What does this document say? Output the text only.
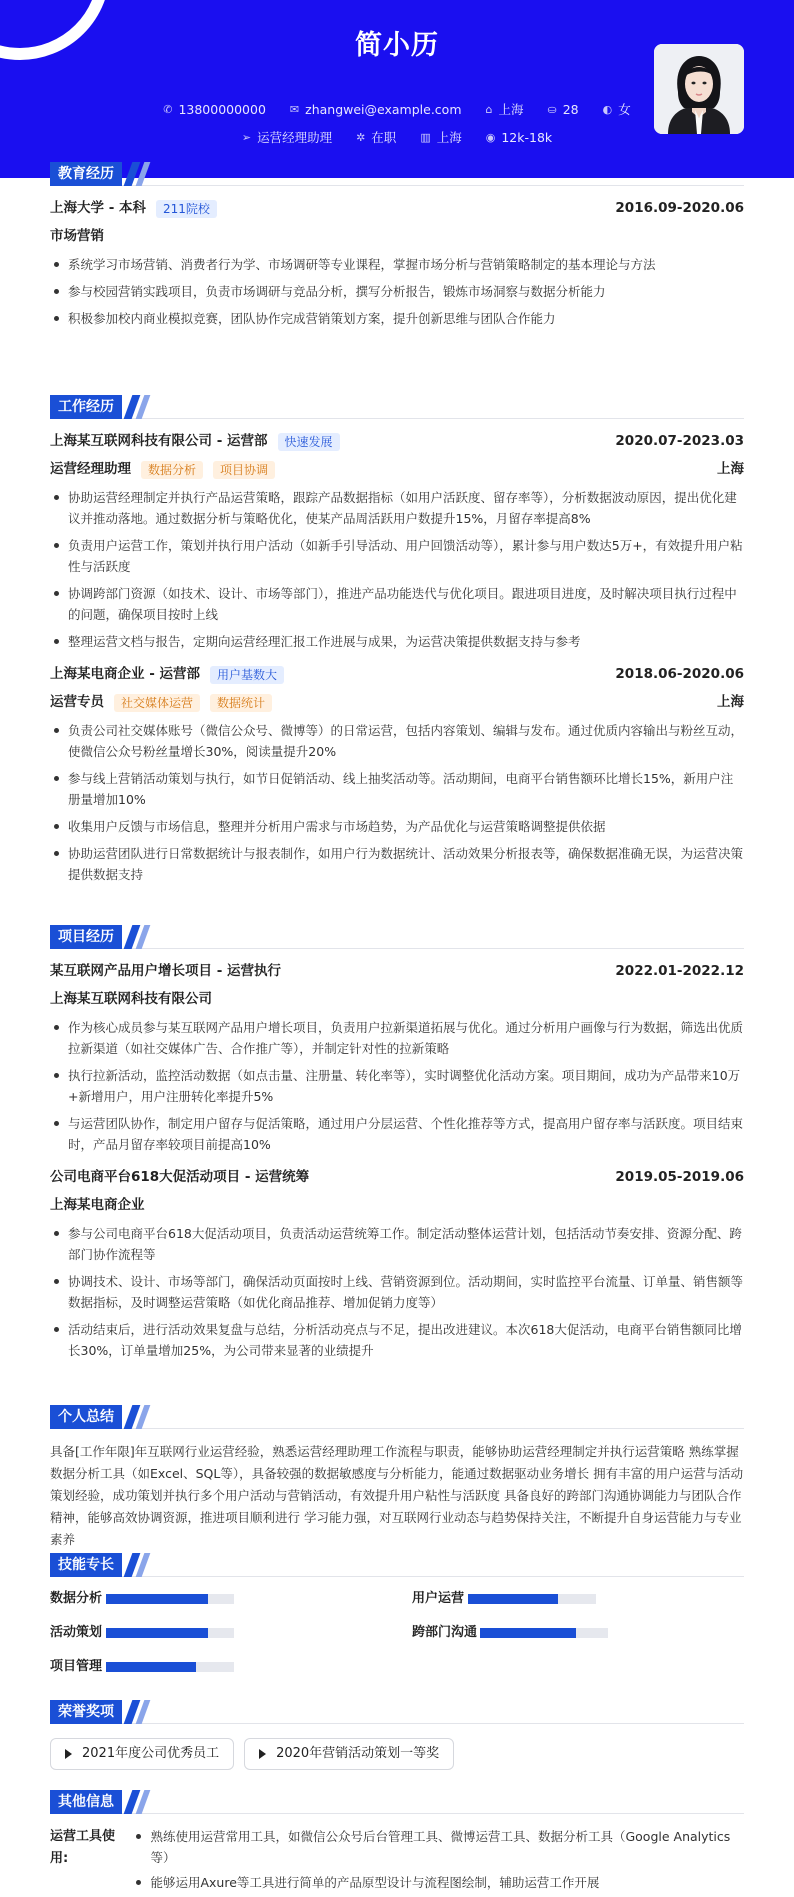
简小历
✆ 13800000000 ✉ zhangwei@example.com ⌂ 上海 ⛀ 28 ◐ 女
➢ 运营经理助理 ✲ 在职 ▥ 上海 ◉ 12k-18k
教育经历
上海大学 - 本科	211院校	2016.09-2020.06
市场营销
系统学习市场营销、消费者行为学、市场调研等专业课程，掌握市场分析与营销策略制定的基本理论与方法
参与校园营销实践项目，负责市场调研与竞品分析，撰写分析报告，锻炼市场洞察与数据分析能力
积极参加校内商业模拟竞赛，团队协作完成营销策划方案，提升创新思维与团队合作能力
工作经历
上海某互联网科技有限公司 - 运营部	快速发展	2020.07-2023.03
运营经理助理	数据分析	项目协调	上海
协助运营经理制定并执行产品运营策略，跟踪产品数据指标（如用户活跃度、留存率等），分析数据波动原因，提出优化建议并推动落地。通过数据分析与策略优化，使某产品周活跃用户数提升15%，月留存率提高8%
负责用户运营工作，策划并执行用户活动（如新手引导活动、用户回馈活动等），累计参与用户数达5万+，有效提升用户粘性与活跃度
协调跨部门资源（如技术、设计、市场等部门），推进产品功能迭代与优化项目。跟进项目进度，及时解决项目执行过程中的问题，确保项目按时上线
整理运营文档与报告，定期向运营经理汇报工作进展与成果，为运营决策提供数据支持与参考
上海某电商企业 - 运营部	用户基数大	2018.06-2020.06
运营专员	社交媒体运营	数据统计	上海
负责公司社交媒体账号（微信公众号、微博等）的日常运营，包括内容策划、编辑与发布。通过优质内容输出与粉丝互动，使微信公众号粉丝量增长30%，阅读量提升20%
参与线上营销活动策划与执行，如节日促销活动、线上抽奖活动等。活动期间，电商平台销售额环比增长15%，新用户注册量增加10%
收集用户反馈与市场信息，整理并分析用户需求与市场趋势，为产品优化与运营策略调整提供依据
协助运营团队进行日常数据统计与报表制作，如用户行为数据统计、活动效果分析报表等，确保数据准确无误，为运营决策提供数据支持
项目经历
某互联网产品用户增长项目 - 运营执行	2022.01-2022.12
上海某互联网科技有限公司
作为核心成员参与某互联网产品用户增长项目，负责用户拉新渠道拓展与优化。通过分析用户画像与行为数据，筛选出优质拉新渠道（如社交媒体广告、合作推广等），并制定针对性的拉新策略
执行拉新活动，监控活动数据（如点击量、注册量、转化率等），实时调整优化活动方案。项目期间，成功为产品带来10万+新增用户，用户注册转化率提升5%
与运营团队协作，制定用户留存与促活策略，通过用户分层运营、个性化推荐等方式，提高用户留存率与活跃度。项目结束时，产品月留存率较项目前提高10%
公司电商平台618大促活动项目 - 运营统筹	2019.05-2019.06
上海某电商企业
参与公司电商平台618大促活动项目，负责活动运营统筹工作。制定活动整体运营计划，包括活动节奏安排、资源分配、跨部门协作流程等
协调技术、设计、市场等部门，确保活动页面按时上线、营销资源到位。活动期间，实时监控平台流量、订单量、销售额等数据指标，及时调整运营策略（如优化商品推荐、增加促销力度等）
活动结束后，进行活动效果复盘与总结，分析活动亮点与不足，提出改进建议。本次618大促活动，电商平台销售额同比增长30%，订单量增加25%，为公司带来显著的业绩提升
个人总结
具备[工作年限]年互联网行业运营经验，熟悉运营经理助理工作流程与职责，能够协助运营经理制定并执行运营策略 熟练掌握数据分析工具（如Excel、SQL等），具备较强的数据敏感度与分析能力，能通过数据驱动业务增长 拥有丰富的用户运营与活动策划经验，成功策划并执行多个用户活动与营销活动，有效提升用户粘性与活跃度 具备良好的跨部门沟通协调能力与团队合作精神，能够高效协调资源，推进项目顺利进行 学习能力强，对互联网行业动态与趋势保持关注，不断提升自身运营能力与专业素养
技能专长
数据分析	用户运营
活动策划	跨部门沟通
项目管理
荣誉奖项
2021年度公司优秀员工	2020年营销活动策划一等奖
其他信息
运营工具使用:
熟练使用运营常用工具，如微信公众号后台管理工具、微博运营工具、数据分析工具（Google Analytics等）
能够运用Axure等工具进行简单的产品原型设计与流程图绘制，辅助运营工作开展
